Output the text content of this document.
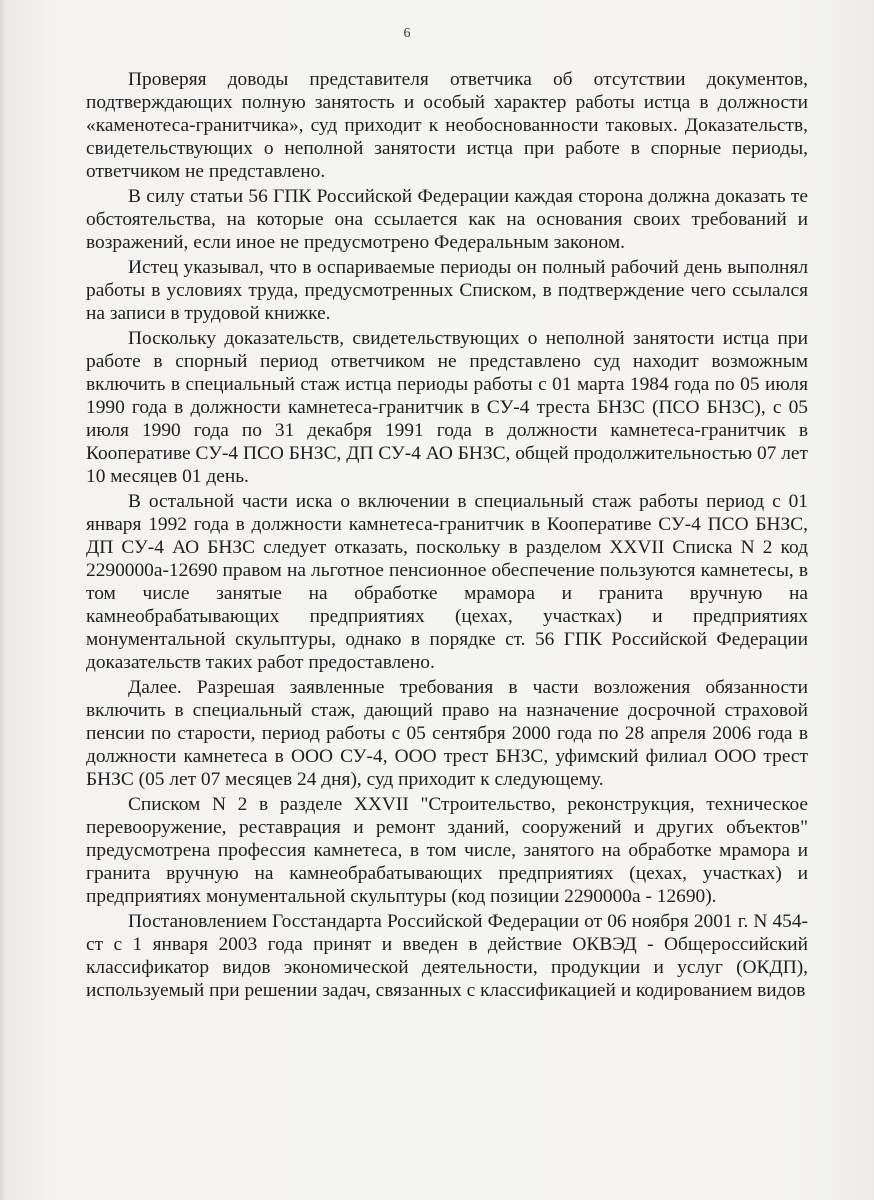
6

Проверяя доводы представителя ответчика об отсутствии документов, подтверждающих полную занятость и особый характер работы истца в должности «каменотеса-гранитчика», суд приходит к необоснованности таковых. Доказательств, свидетельствующих о неполной занятости истца при работе в спорные периоды, ответчиком не представлено.

В силу статьи 56 ГПК Российской Федерации каждая сторона должна доказать те обстоятельства, на которые она ссылается как на основания своих требований и возражений, если иное не предусмотрено Федеральным законом.

Истец указывал, что в оспариваемые периоды он полный рабочий день выполнял работы в условиях труда, предусмотренных Списком, в подтверждение чего ссылался на записи в трудовой книжке.

Поскольку доказательств, свидетельствующих о неполной занятости истца при работе в спорный период ответчиком не представлено суд находит возможным включить в специальный стаж истца периоды работы с 01 марта 1984 года по 05 июля 1990 года в должности камнетеса-гранитчик в СУ-4 треста БНЗС (ПСО БНЗС), с 05 июля 1990 года по 31 декабря 1991 года в должности камнетеса-гранитчик в Кооперативе СУ-4 ПСО БНЗС, ДП СУ-4 АО БНЗС, общей продолжительностью 07 лет 10 месяцев 01 день.

В остальной части иска о включении в специальный стаж работы период с 01 января 1992 года в должности камнетеса-гранитчик в Кооперативе СУ-4 ПСО БНЗС, ДП СУ-4 АО БНЗС следует отказать, поскольку в разделом XXVII Списка N 2 код 2290000а-12690 правом на льготное пенсионное обеспечение пользуются камнетесы, в том числе занятые на обработке мрамора и гранита вручную на камнеобрабатывающих предприятиях (цехах, участках) и предприятиях монументальной скульптуры, однако в порядке ст. 56 ГПК Российской Федерации доказательств таких работ предоставлено.

Далее. Разрешая заявленные требования в части возложения обязанности включить в специальный стаж, дающий право на назначение досрочной страховой пенсии по старости, период работы с 05 сентября 2000 года по 28 апреля 2006 года в должности камнетеса в ООО СУ-4, ООО трест БНЗС, уфимский филиал ООО трест БНЗС (05 лет 07 месяцев 24 дня), суд приходит к следующему.

Списком N 2 в разделе XXVII "Строительство, реконструкция, техническое перевооружение, реставрация и ремонт зданий, сооружений и других объектов" предусмотрена профессия камнетеса, в том числе, занятого на обработке мрамора и гранита вручную на камнеобрабатывающих предприятиях (цехах, участках) и предприятиях монументальной скульптуры (код позиции 2290000а - 12690).

Постановлением Госстандарта Российской Федерации от 06 ноября 2001 г. N 454-ст с 1 января 2003 года принят и введен в действие ОКВЭД - Общероссийский классификатор видов экономической деятельности, продукции и услуг (ОКДП), используемый при решении задач, связанных с классификацией и кодированием видов
